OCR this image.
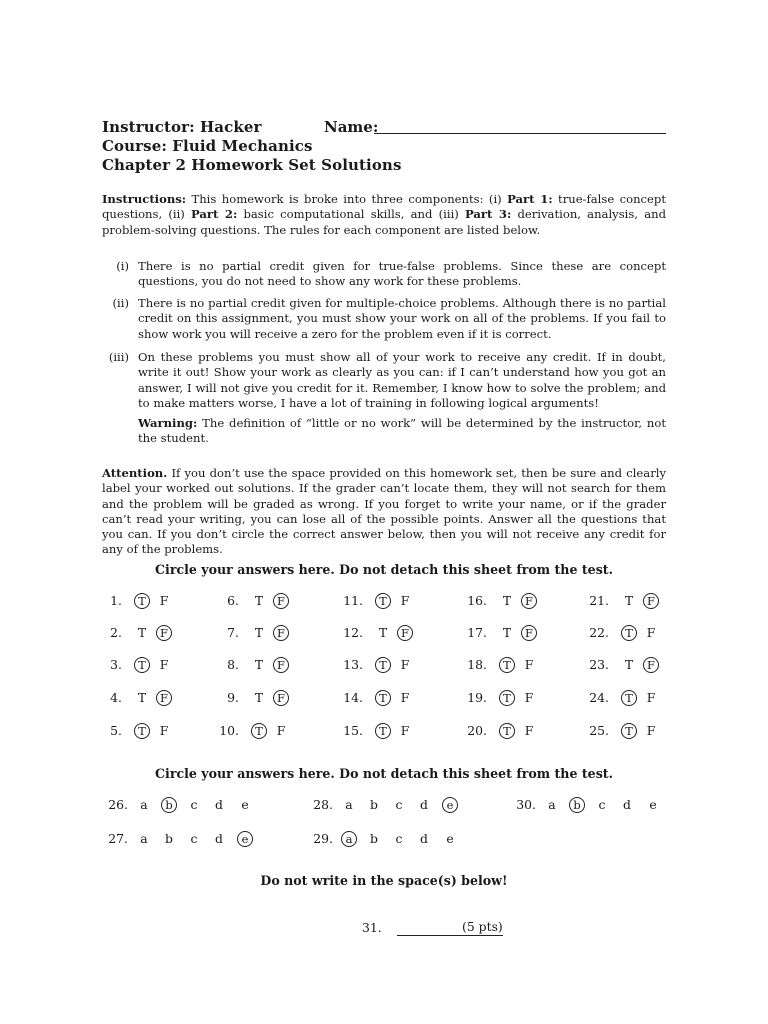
Instructor: Hacker
Course: Fluid Mechanics
Chapter 2 Homework Set Solutions
Name:
Instructions: This homework is broke into three components: (i) Part 1: true-false concept questions, (ii) Part 2: basic computational skills, and (iii) Part 3: derivation, analysis, and problem-solving questions. The rules for each component are listed below.
(i) There is no partial credit given for true-false problems. Since these are concept questions, you do not need to show any work for these problems.
(ii) There is no partial credit given for multiple-choice problems. Although there is no partial credit on this assignment, you must show your work on all of the problems. If you fail to show work you will receive a zero for the problem even if it is correct.
(iii) On these problems you must show all of your work to receive any credit. If in doubt, write it out! Show your work as clearly as you can: if I can’t understand how you got an answer, I will not give you credit for it. Remember, I know how to solve the problem; and to make matters worse, I have a lot of training in following logical arguments!
Warning: The definition of “little or no work” will be determined by the instructor, not the student.
Attention. If you don’t use the space provided on this homework set, then be sure and clearly label your worked out solutions. If the grader can’t locate them, they will not search for them and the problem will be graded as wrong. If you forget to write your name, or if the grader can’t read your writing, you can lose all of the possible points. Answer all the questions that you can. If you don’t circle the correct answer below, then you will not receive any credit for any of the problems.
Circle your answers here. Do not detach this sheet from the test.
1.	T	F
2.	T	F
3.	T	F
4.	T	F
5.	T	F
6.	T	F
7.	T	F
8.	T	F
9.	T	F
10.	T	F
11.	T	F
12.	T	F
13.	T	F
14.	T	F
15.	T	F
16.	T	F
17.	T	F
18.	T	F
19.	T	F
20.	T	F
21.	T	F
22.	T	F
23.	T	F
24.	T	F
25.	T	F
Circle your answers here. Do not detach this sheet from the test.
26. a	b	c	d	e
27. a	b	c	d	e
28. a	b	c	d	e
29.	a	b	c	d	e
30. a	b	c	d	e
Do not write in the space(s) below!
31.	(5 pts)
